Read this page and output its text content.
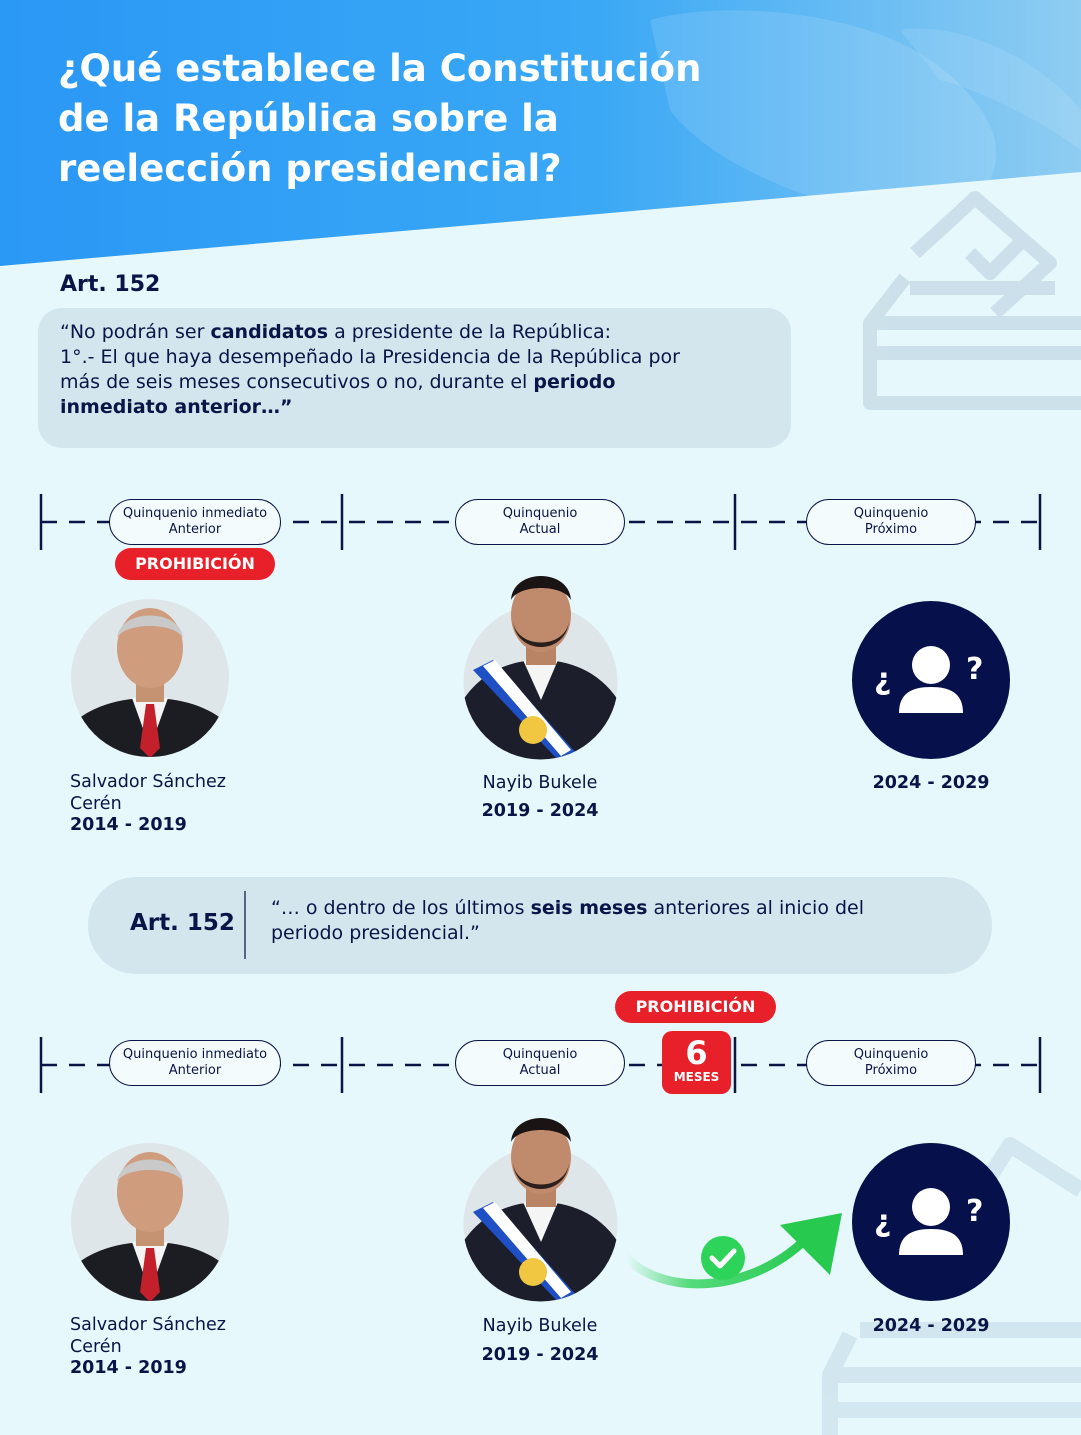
¿Qué establece la Constitución
de la República sobre la
reelección presidencial?
Art. 152
“No podrán ser candidatos a presidente de la República:
1°.- El que haya desempeñado la Presidencia de la República por
más de seis meses consecutivos o no, durante el periodo
inmediato anterior…”
Quinquenio inmediato
Anterior
Quinquenio
Actual
Quinquenio
Próximo
PROHIBICIÓN
¿ ?
Salvador Sánchez
Cerén
2014 - 2019
Nayib Bukele
2019 - 2024
2024 - 2029
Art. 152
“… o dentro de los últimos seis meses anteriores al inicio del
periodo presidencial.”
PROHIBICIÓN
Quinquenio inmediato
Anterior
Quinquenio
Actual
Quinquenio
Próximo
6
MESES
¿ ?
Salvador Sánchez
Cerén
2014 - 2019
Nayib Bukele
2019 - 2024
2024 - 2029
